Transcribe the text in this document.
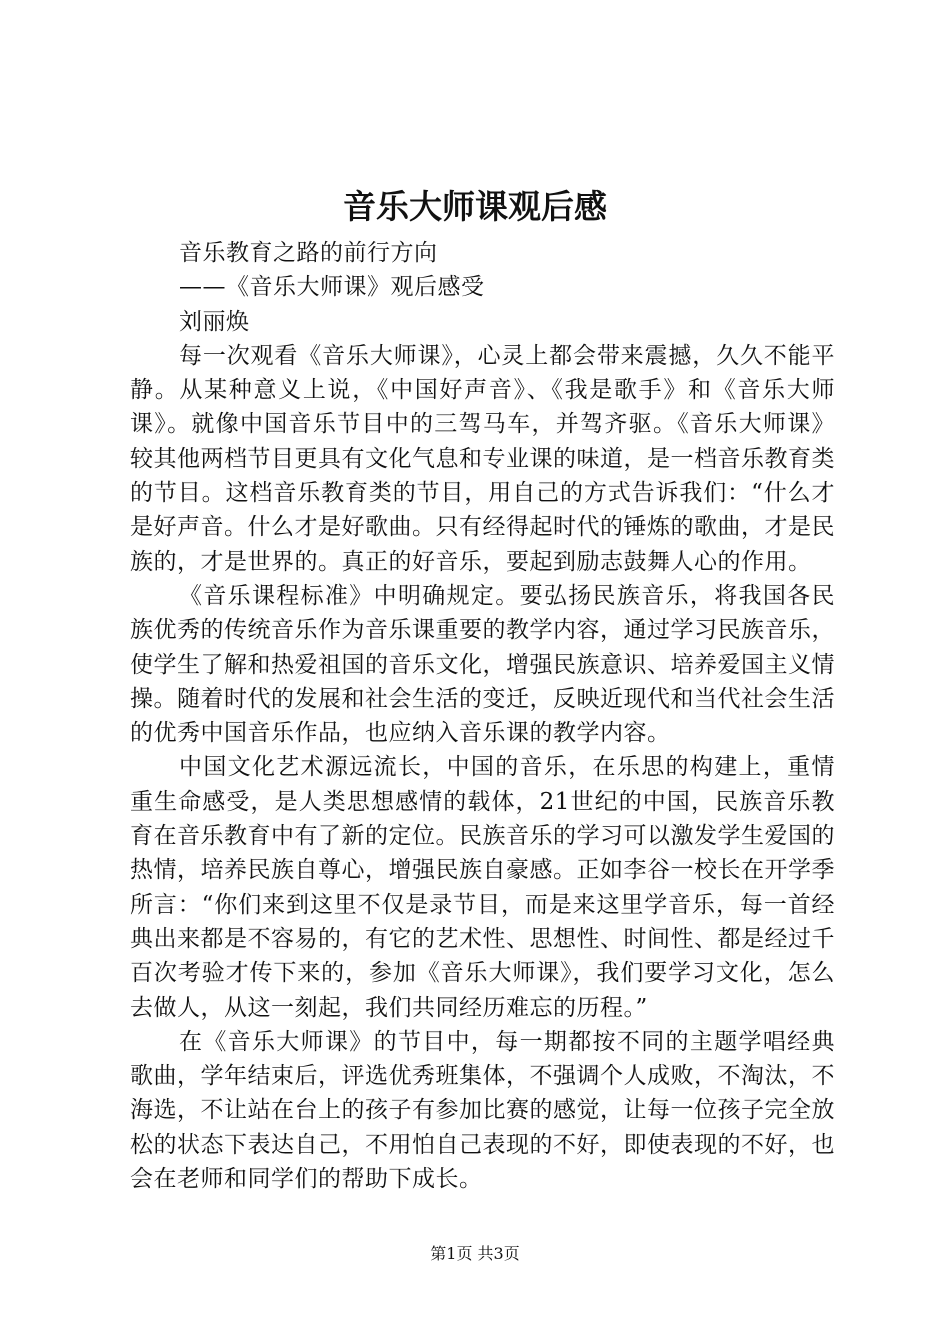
音乐大师课观后感

音乐教育之路的前行方向

——《音乐大师课》观后感受

刘丽焕

每一次观看《音乐大师课》，心灵上都会带来震撼，久久不能平静。从某种意义上说，《中国好声音》、《我是歌手》和《音乐大师课》。就像中国音乐节目中的三驾马车，并驾齐驱。《音乐大师课》较其他两档节目更具有文化气息和专业课的味道，是一档音乐教育类的节目。这档音乐教育类的节目，用自己的方式告诉我们：“什么才是好声音。什么才是好歌曲。只有经得起时代的锤炼的歌曲，才是民族的，才是世界的。真正的好音乐，要起到励志鼓舞人心的作用。

《音乐课程标准》中明确规定。要弘扬民族音乐，将我国各民族优秀的传统音乐作为音乐课重要的教学内容，通过学习民族音乐，使学生了解和热爱祖国的音乐文化，增强民族意识、培养爱国主义情操。随着时代的发展和社会生活的变迁，反映近现代和当代社会生活的优秀中国音乐作品，也应纳入音乐课的教学内容。

中国文化艺术源远流长，中国的音乐，在乐思的构建上，重情重生命感受，是人类思想感情的载体，21世纪的中国，民族音乐教育在音乐教育中有了新的定位。民族音乐的学习可以激发学生爱国的热情，培养民族自尊心，增强民族自豪感。正如李谷一校长在开学季所言：“你们来到这里不仅是录节目，而是来这里学音乐，每一首经典出来都是不容易的，有它的艺术性、思想性、时间性、都是经过千百次考验才传下来的，参加《音乐大师课》，我们要学习文化，怎么去做人，从这一刻起，我们共同经历难忘的历程。”

在《音乐大师课》的节目中，每一期都按不同的主题学唱经典歌曲，学年结束后，评选优秀班集体，不强调个人成败，不淘汰，不海选，不让站在台上的孩子有参加比赛的感觉，让每一位孩子完全放松的状态下表达自己，不用怕自己表现的不好，即使表现的不好，也会在老师和同学们的帮助下成长。

第1页 共3页
